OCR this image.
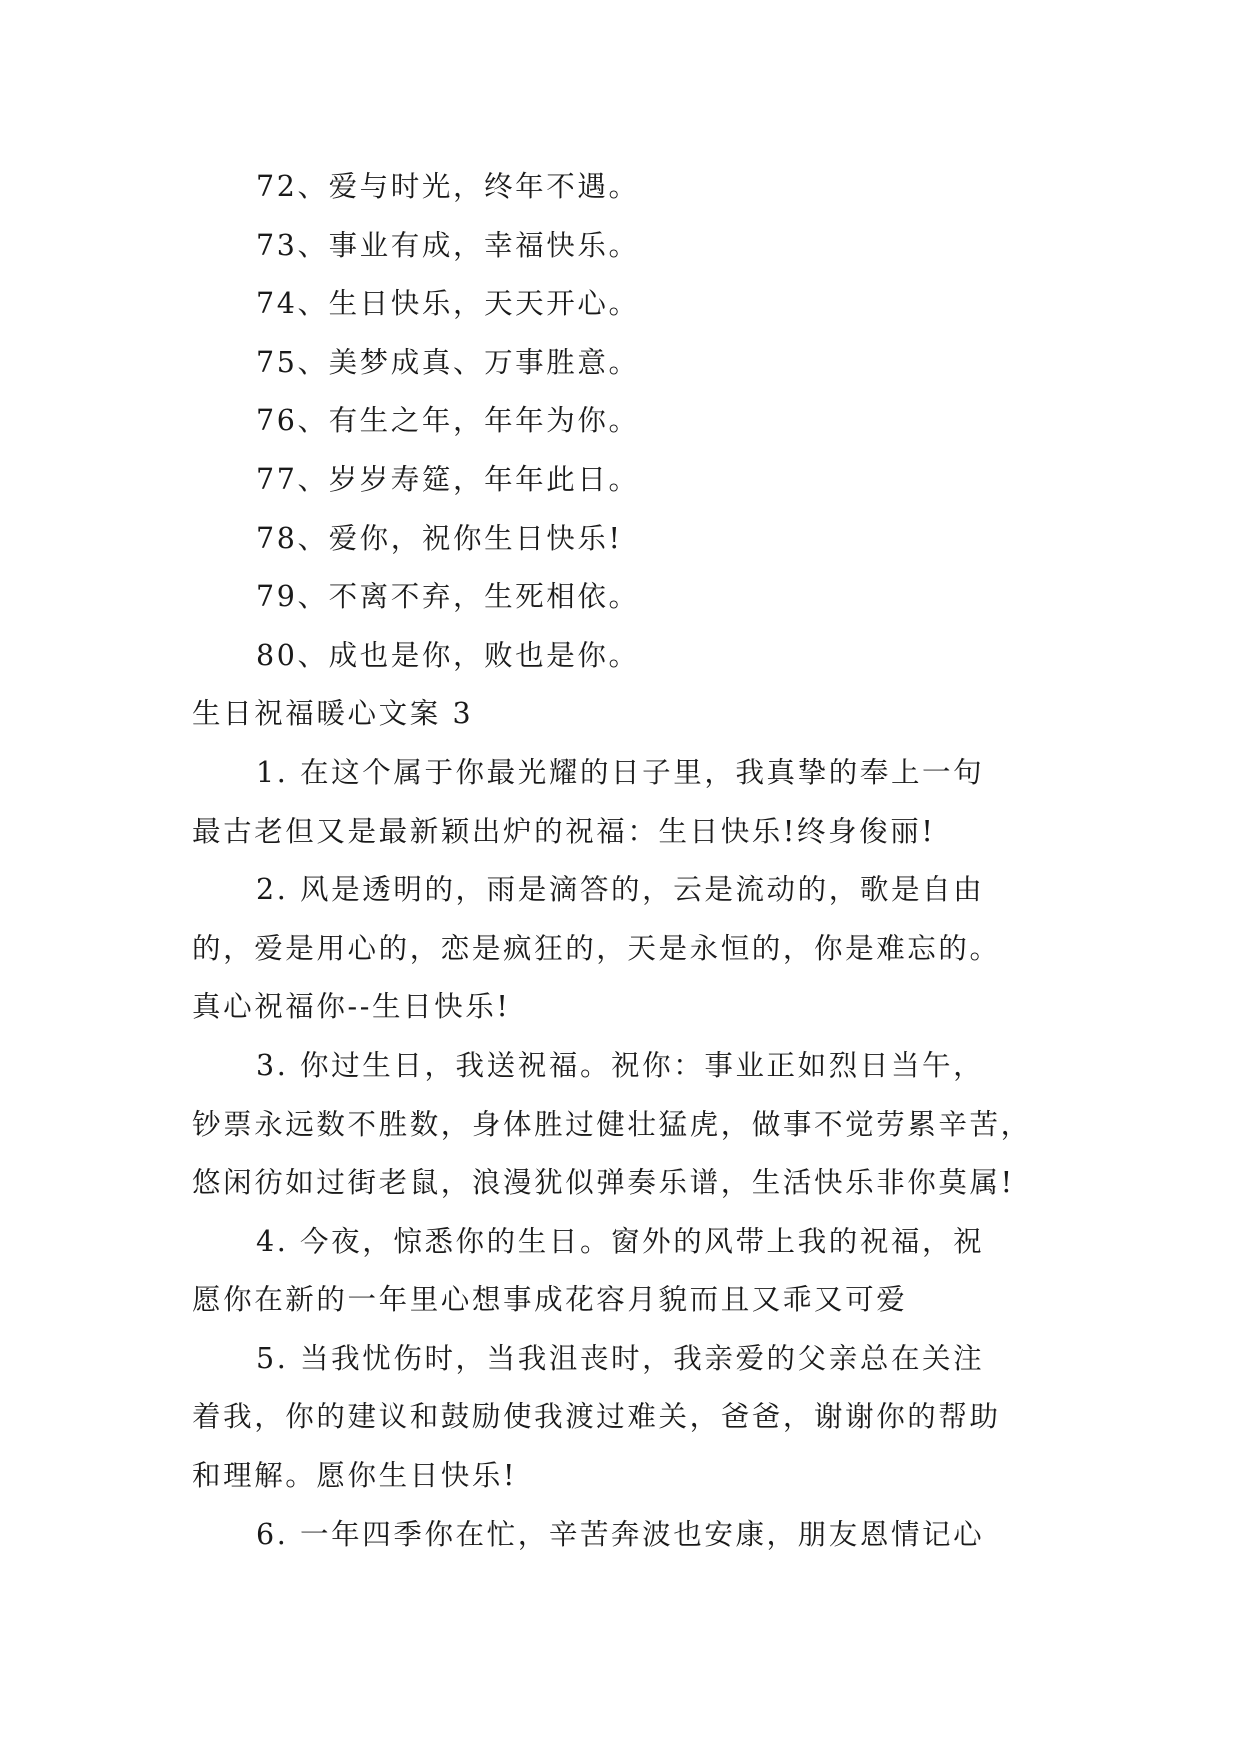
72、爱与时光，终年不遇。
73、事业有成，幸福快乐。
74、生日快乐，天天开心。
75、美梦成真、万事胜意。
76、有生之年，年年为你。
77、岁岁寿筵，年年此日。
78、爱你，祝你生日快乐!
79、不离不弃，生死相依。
80、成也是你，败也是你。
生日祝福暖心文案 3
1. 在这个属于你最光耀的日子里，我真挚的奉上一句
最古老但又是最新颖出炉的祝福：生日快乐!终身俊丽!
2. 风是透明的，雨是滴答的，云是流动的，歌是自由
的，爱是用心的，恋是疯狂的，天是永恒的，你是难忘的。
真心祝福你--生日快乐!
3. 你过生日，我送祝福。祝你：事业正如烈日当午，
钞票永远数不胜数，身体胜过健壮猛虎，做事不觉劳累辛苦，
悠闲彷如过街老鼠，浪漫犹似弹奏乐谱，生活快乐非你莫属!
4. 今夜，惊悉你的生日。窗外的风带上我的祝福，祝
愿你在新的一年里心想事成花容月貌而且又乖又可爱
5. 当我忧伤时，当我沮丧时，我亲爱的父亲总在关注
着我，你的建议和鼓励使我渡过难关，爸爸，谢谢你的帮助
和理解。愿你生日快乐!
6. 一年四季你在忙，辛苦奔波也安康，朋友恩情记心
